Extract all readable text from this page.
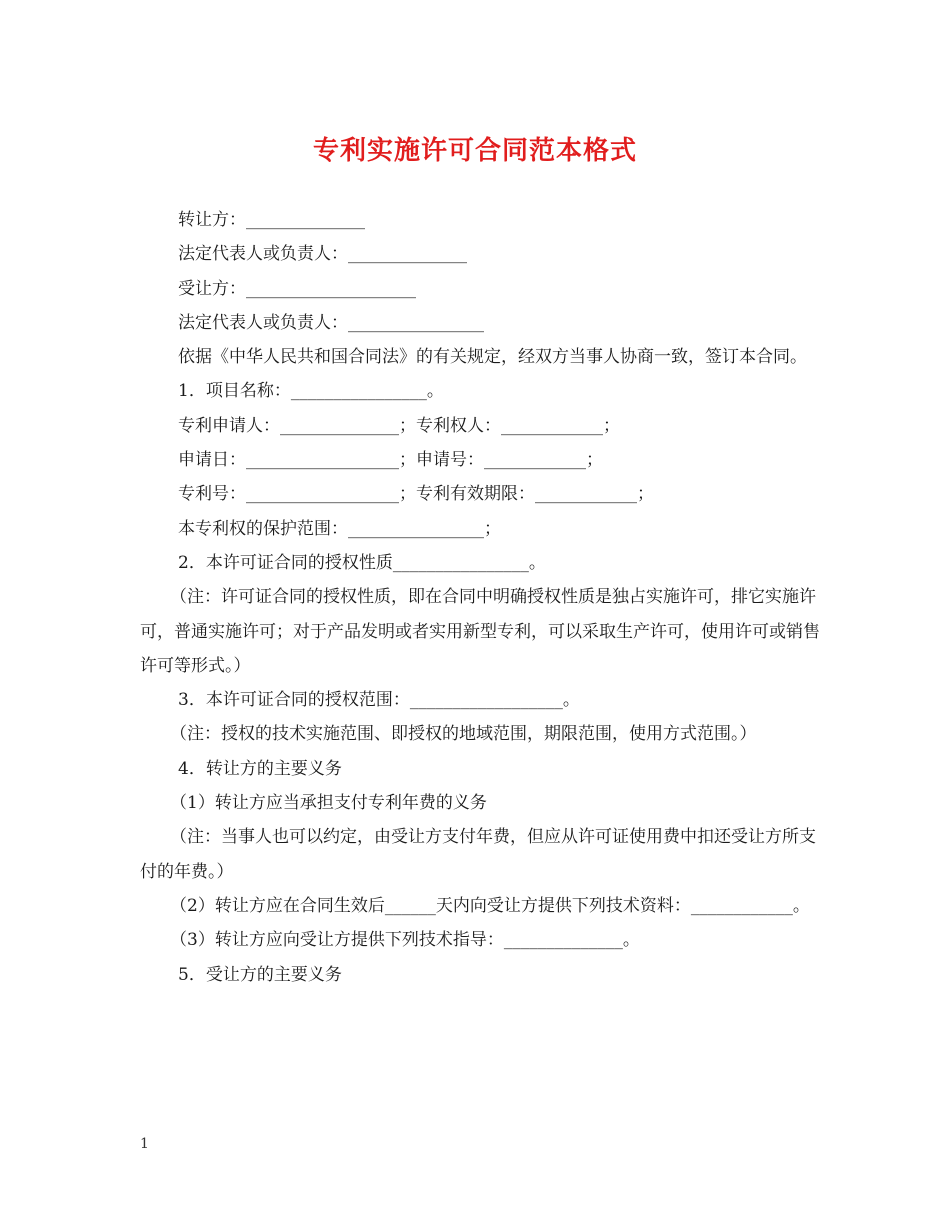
专利实施许可合同范本格式

转让方：______________

法定代表人或负责人：______________

受让方：____________________

法定代表人或负责人：________________

依据《中华人民共和国合同法》的有关规定，经双方当事人协商一致，签订本合同。

1．项目名称：________________。

专利申请人：______________；专利权人：____________；

申请日：__________________；申请号：____________；

专利号：__________________；专利有效期限：____________；

本专利权的保护范围：________________；

2．本许可证合同的授权性质________________。

（注：许可证合同的授权性质，即在合同中明确授权性质是独占实施许可，排它实施许可，普通实施许可；对于产品发明或者实用新型专利，可以采取生产许可，使用许可或销售许可等形式。）

3．本许可证合同的授权范围：__________________。

（注：授权的技术实施范围、即授权的地域范围，期限范围，使用方式范围。）

4．转让方的主要义务

（1）转让方应当承担支付专利年费的义务

（注：当事人也可以约定，由受让方支付年费，但应从许可证使用费中扣还受让方所支付的年费。）

（2）转让方应在合同生效后______天内向受让方提供下列技术资料：____________。

（3）转让方应向受让方提供下列技术指导：______________。

5．受让方的主要义务

1
